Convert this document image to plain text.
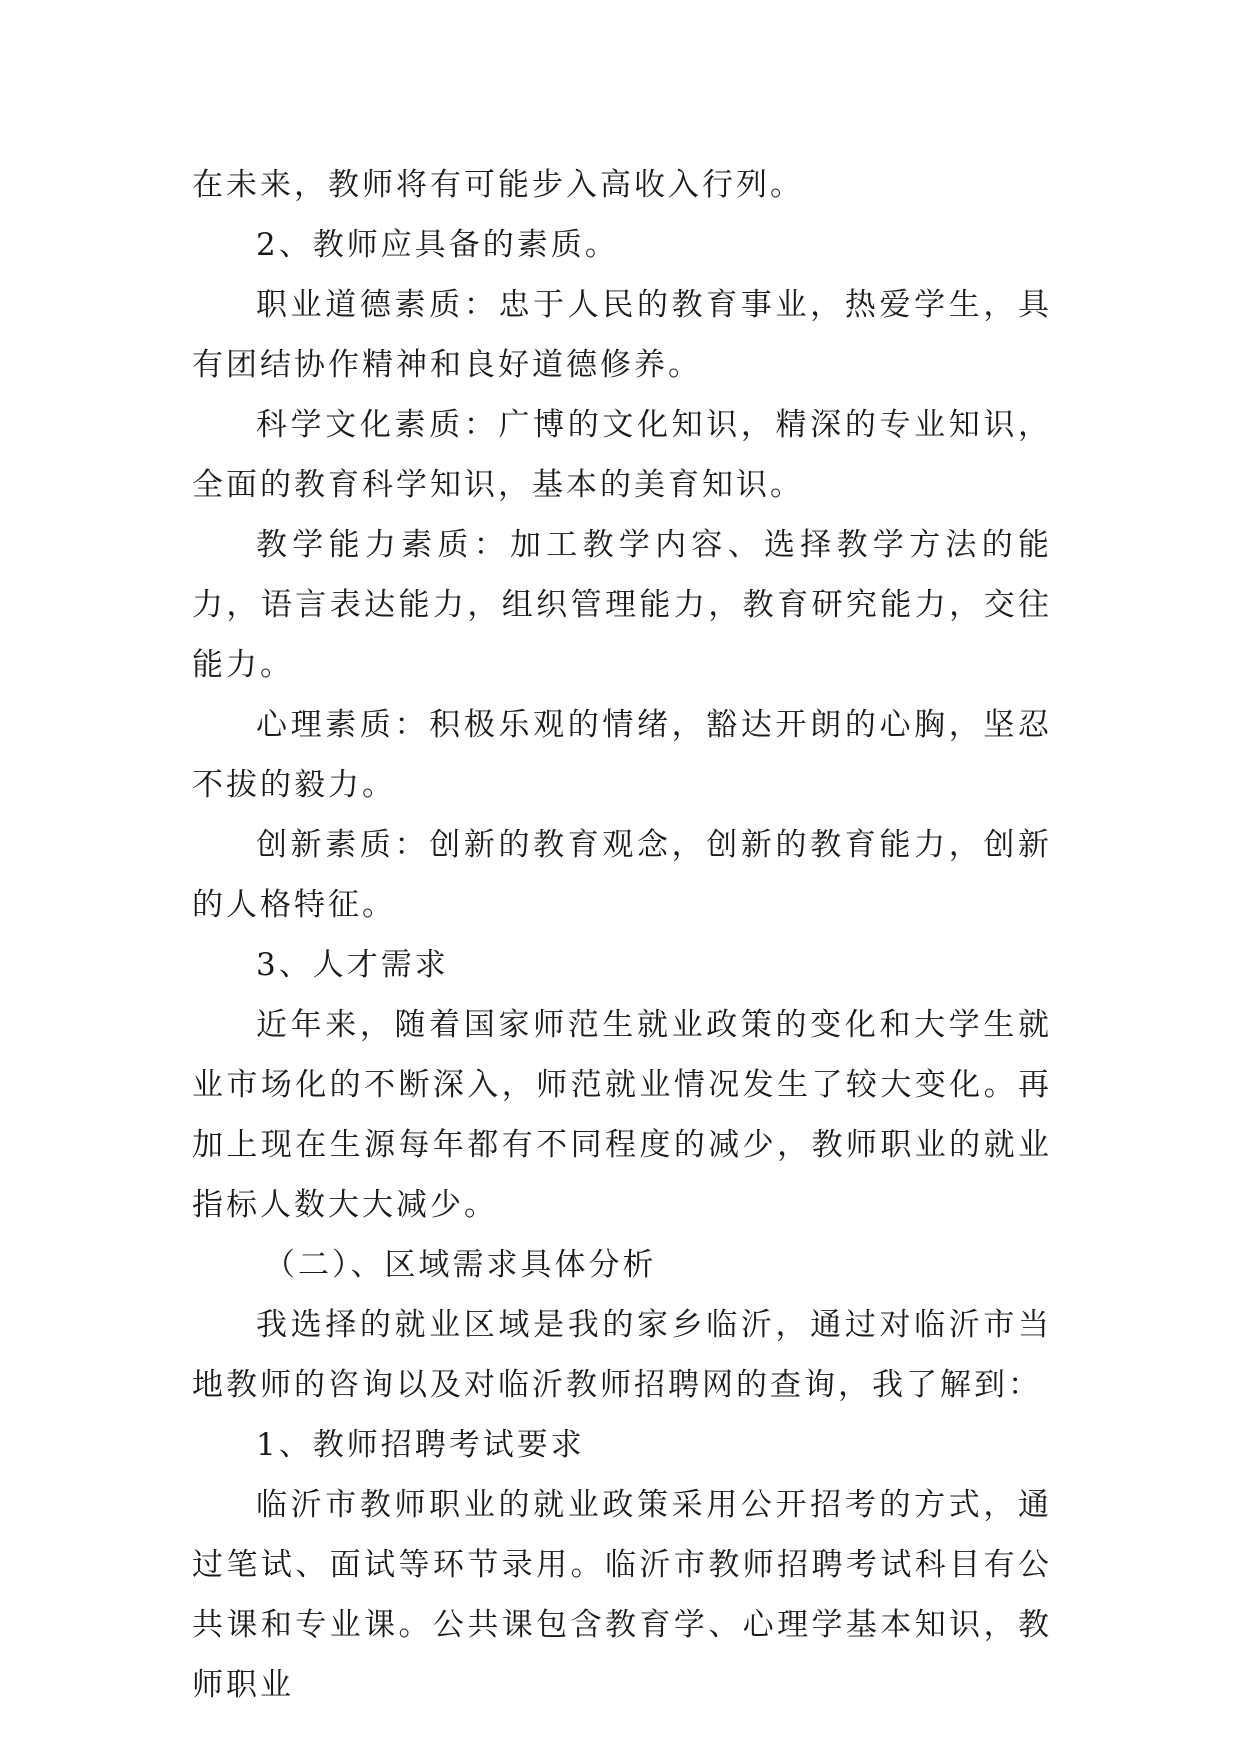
在未来，教师将有可能步入高收入行列。

2、教师应具备的素质。

职业道德素质：忠于人民的教育事业，热爱学生，具有团结协作精神和良好道德修养。

科学文化素质：广博的文化知识，精深的专业知识，全面的教育科学知识，基本的美育知识。

教学能力素质：加工教学内容、选择教学方法的能力，语言表达能力，组织管理能力，教育研究能力，交往能力。

心理素质：积极乐观的情绪，豁达开朗的心胸，坚忍不拔的毅力。

创新素质：创新的教育观念，创新的教育能力，创新的人格特征。

3、人才需求

近年来，随着国家师范生就业政策的变化和大学生就业市场化的不断深入，师范就业情况发生了较大变化。再加上现在生源每年都有不同程度的减少，教师职业的就业指标人数大大减少。

（二）、区域需求具体分析

我选择的就业区域是我的家乡临沂，通过对临沂市当地教师的咨询以及对临沂教师招聘网的查询，我了解到：

1、教师招聘考试要求

临沂市教师职业的就业政策采用公开招考的方式，通过笔试、面试等环节录用。临沂市教师招聘考试科目有公共课和专业课。公共课包含教育学、心理学基本知识，教师职业
